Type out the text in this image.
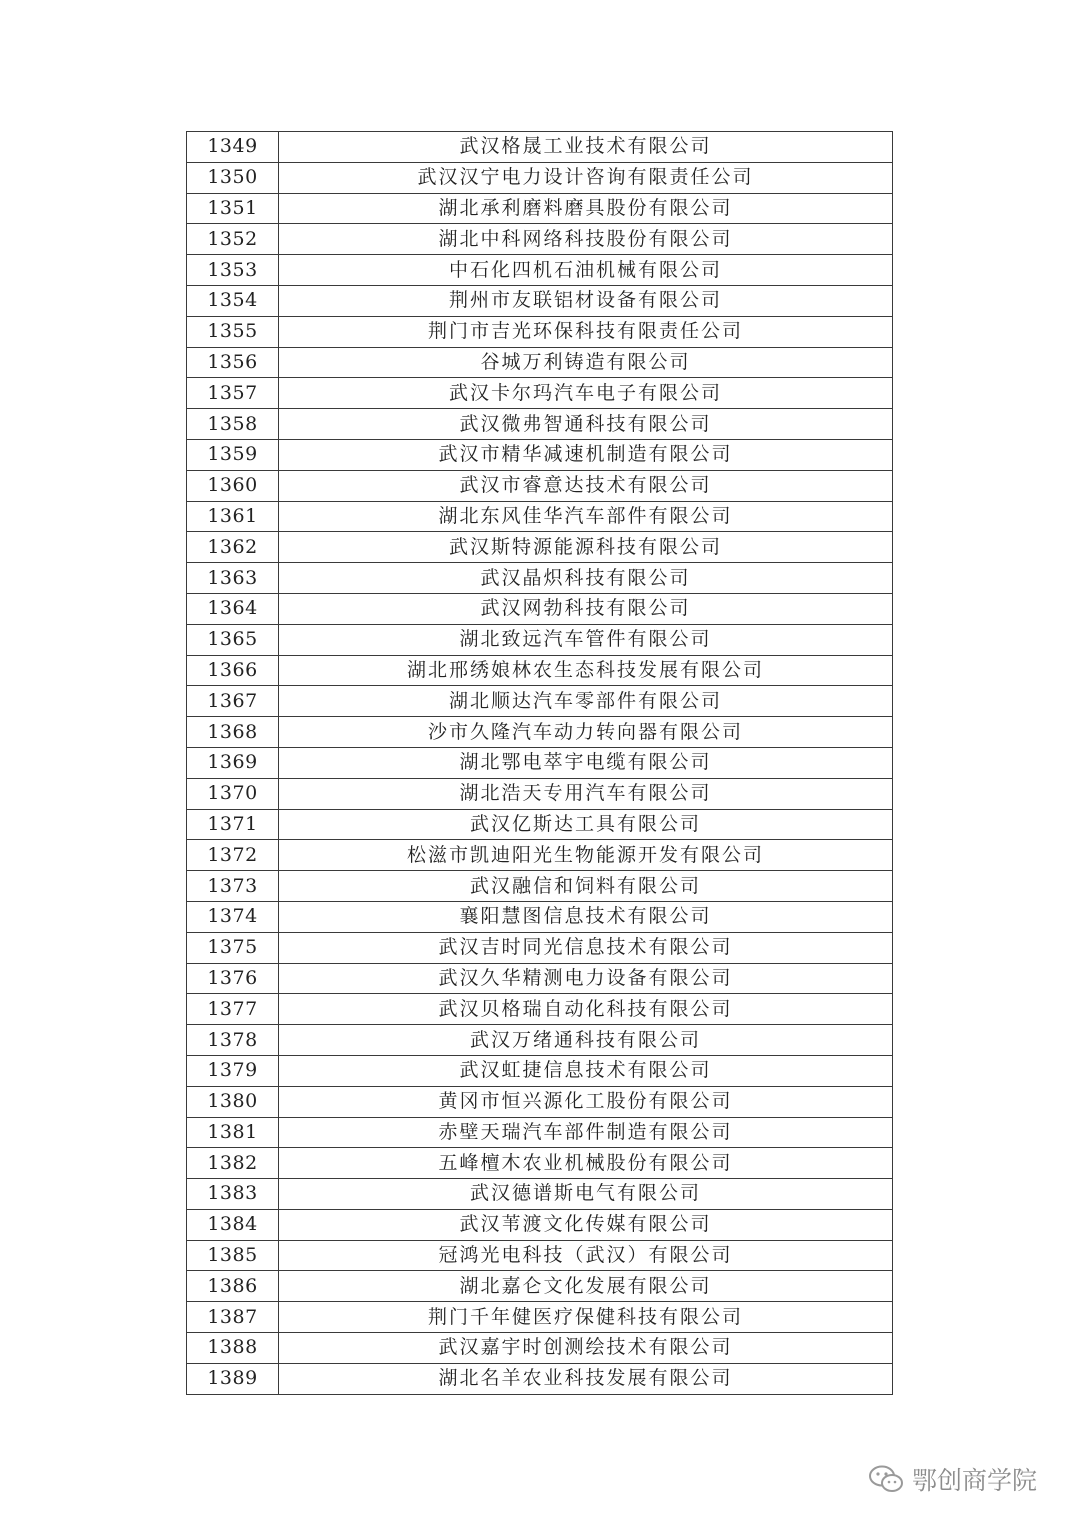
1349	武汉格晟工业技术有限公司
1350	武汉汉宁电力设计咨询有限责任公司
1351	湖北承利磨料磨具股份有限公司
1352	湖北中科网络科技股份有限公司
1353	中石化四机石油机械有限公司
1354	荆州市友联铝材设备有限公司
1355	荆门市吉光环保科技有限责任公司
1356	谷城万利铸造有限公司
1357	武汉卡尔玛汽车电子有限公司
1358	武汉微弗智通科技有限公司
1359	武汉市精华减速机制造有限公司
1360	武汉市睿意达技术有限公司
1361	湖北东风佳华汽车部件有限公司
1362	武汉斯特源能源科技有限公司
1363	武汉晶炽科技有限公司
1364	武汉网勃科技有限公司
1365	湖北致远汽车管件有限公司
1366	湖北邢绣娘林农生态科技发展有限公司
1367	湖北顺达汽车零部件有限公司
1368	沙市久隆汽车动力转向器有限公司
1369	湖北鄂电萃宇电缆有限公司
1370	湖北浩天专用汽车有限公司
1371	武汉亿斯达工具有限公司
1372	松滋市凯迪阳光生物能源开发有限公司
1373	武汉融信和饲料有限公司
1374	襄阳慧图信息技术有限公司
1375	武汉吉时同光信息技术有限公司
1376	武汉久华精测电力设备有限公司
1377	武汉贝格瑞自动化科技有限公司
1378	武汉万绪通科技有限公司
1379	武汉虹捷信息技术有限公司
1380	黄冈市恒兴源化工股份有限公司
1381	赤壁天瑞汽车部件制造有限公司
1382	五峰檀木农业机械股份有限公司
1383	武汉德谱斯电气有限公司
1384	武汉苇渡文化传媒有限公司
1385	冠鸿光电科技（武汉）有限公司
1386	湖北嘉仑文化发展有限公司
1387	荆门千年健医疗保健科技有限公司
1388	武汉嘉宇时创测绘技术有限公司
1389	湖北名羊农业科技发展有限公司
鄂创商学院
